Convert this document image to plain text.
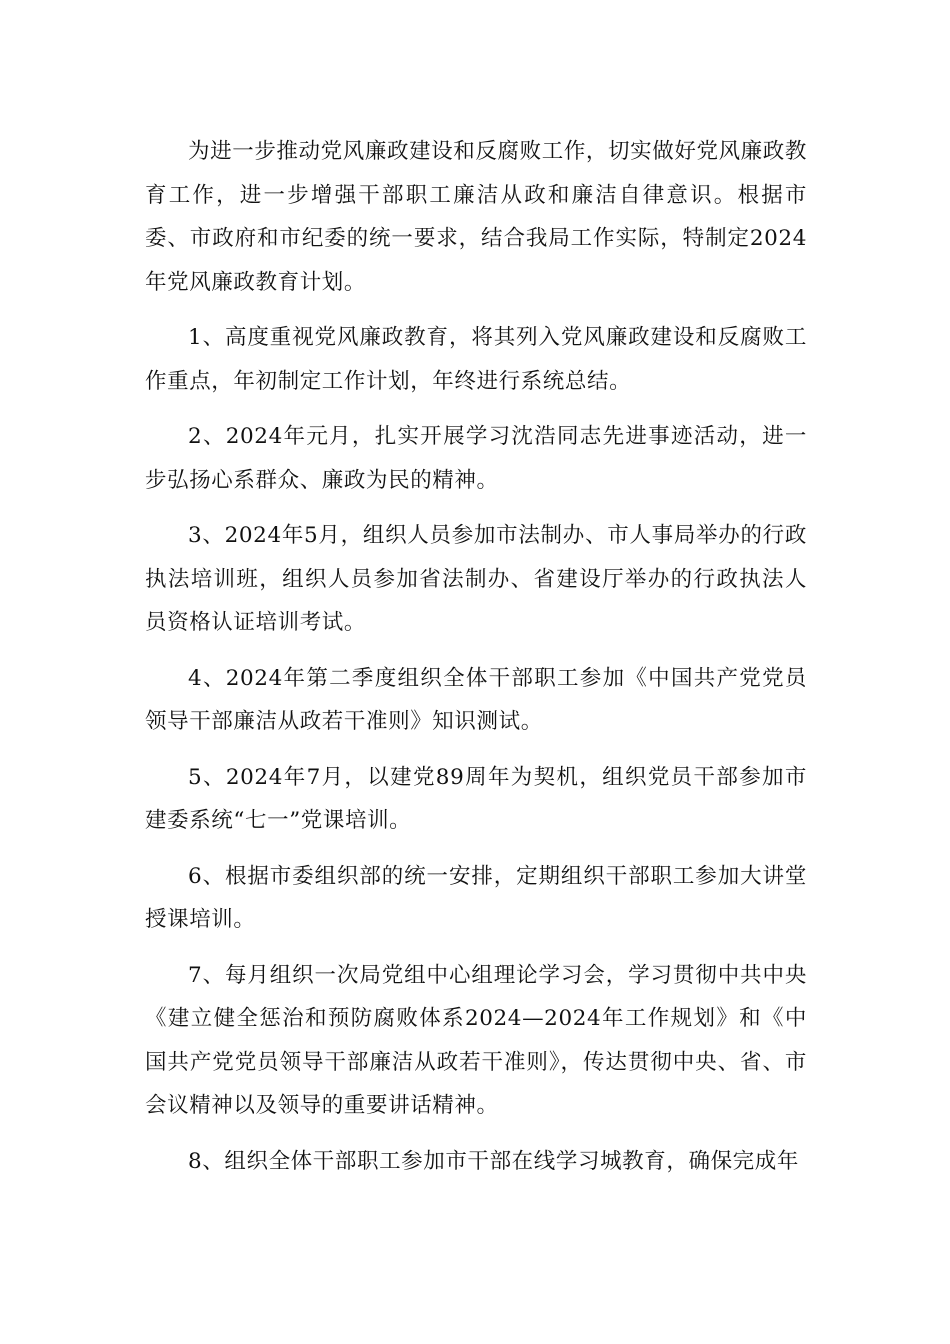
为进一步推动党风廉政建设和反腐败工作，切实做好党风廉政教育工作，进一步增强干部职工廉洁从政和廉洁自律意识。根据市委、市政府和市纪委的统一要求，结合我局工作实际，特制定2024年党风廉政教育计划。

1、高度重视党风廉政教育，将其列入党风廉政建设和反腐败工作重点，年初制定工作计划，年终进行系统总结。

2、2024年元月，扎实开展学习沈浩同志先进事迹活动，进一步弘扬心系群众、廉政为民的精神。

3、2024年5月，组织人员参加市法制办、市人事局举办的行政执法培训班，组织人员参加省法制办、省建设厅举办的行政执法人员资格认证培训考试。

4、2024年第二季度组织全体干部职工参加《中国共产党党员领导干部廉洁从政若干准则》知识测试。

5、2024年7月，以建党89周年为契机，组织党员干部参加市建委系统“七一”党课培训。

6、根据市委组织部的统一安排，定期组织干部职工参加大讲堂授课培训。

7、每月组织一次局党组中心组理论学习会，学习贯彻中共中央《建立健全惩治和预防腐败体系2024—2024年工作规划》和《中国共产党党员领导干部廉洁从政若干准则》，传达贯彻中央、省、市会议精神以及领导的重要讲话精神。

8、组织全体干部职工参加市干部在线学习城教育，确保完成年
